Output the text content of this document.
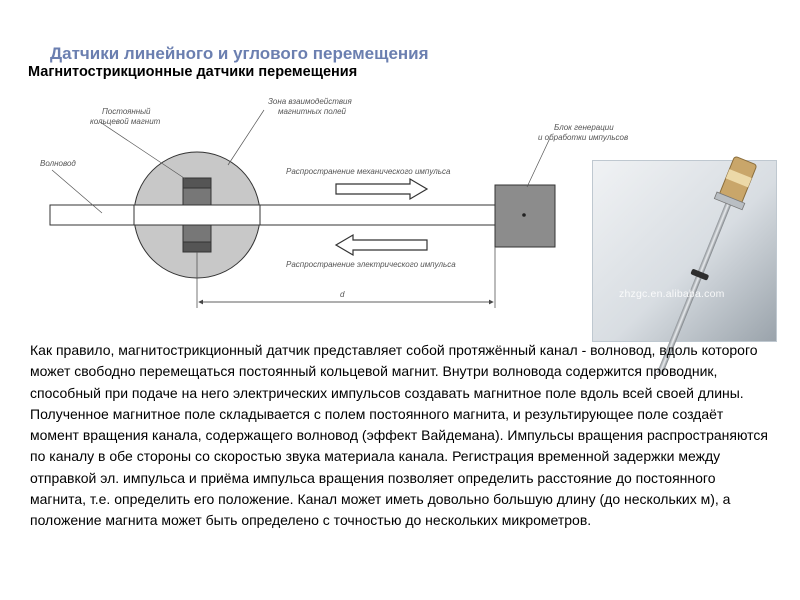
Датчики линейного и углового перемещения
Магнитострикционные датчики перемещения
d
Волновод
Постоянный кольцевой магнит
Зона взаимодействия магнитных полей
Блок генерации и обработки импульсов
Распространение механического импульса
Распространение электрического импульса
zhzgc.en.alibaba.com

Как правило, магнитострикционный датчик представляет собой протяжённый канал - волновод, вдоль которого может свободно перемещаться постоянный кольцевой магнит. Внутри волновода содержится проводник, способный при подаче на него электрических импульсов создавать магнитное поле вдоль всей своей длины. Полученное магнитное поле складывается с полем постоянного магнита, и результирующее поле создаёт момент вращения канала, содержащего волновод (эффект Вайдемана). Импульсы вращения распространяются по каналу в обе стороны со скоростью звука материала канала. Регистрация временной задержки между отправкой эл. импульса и приёма импульса вращения позволяет определить расстояние до постоянного магнита, т.е. определить его положение. Канал может иметь довольно большую длину (до нескольких м), а положение магнита может быть определено с точностью до нескольких микрометров.
